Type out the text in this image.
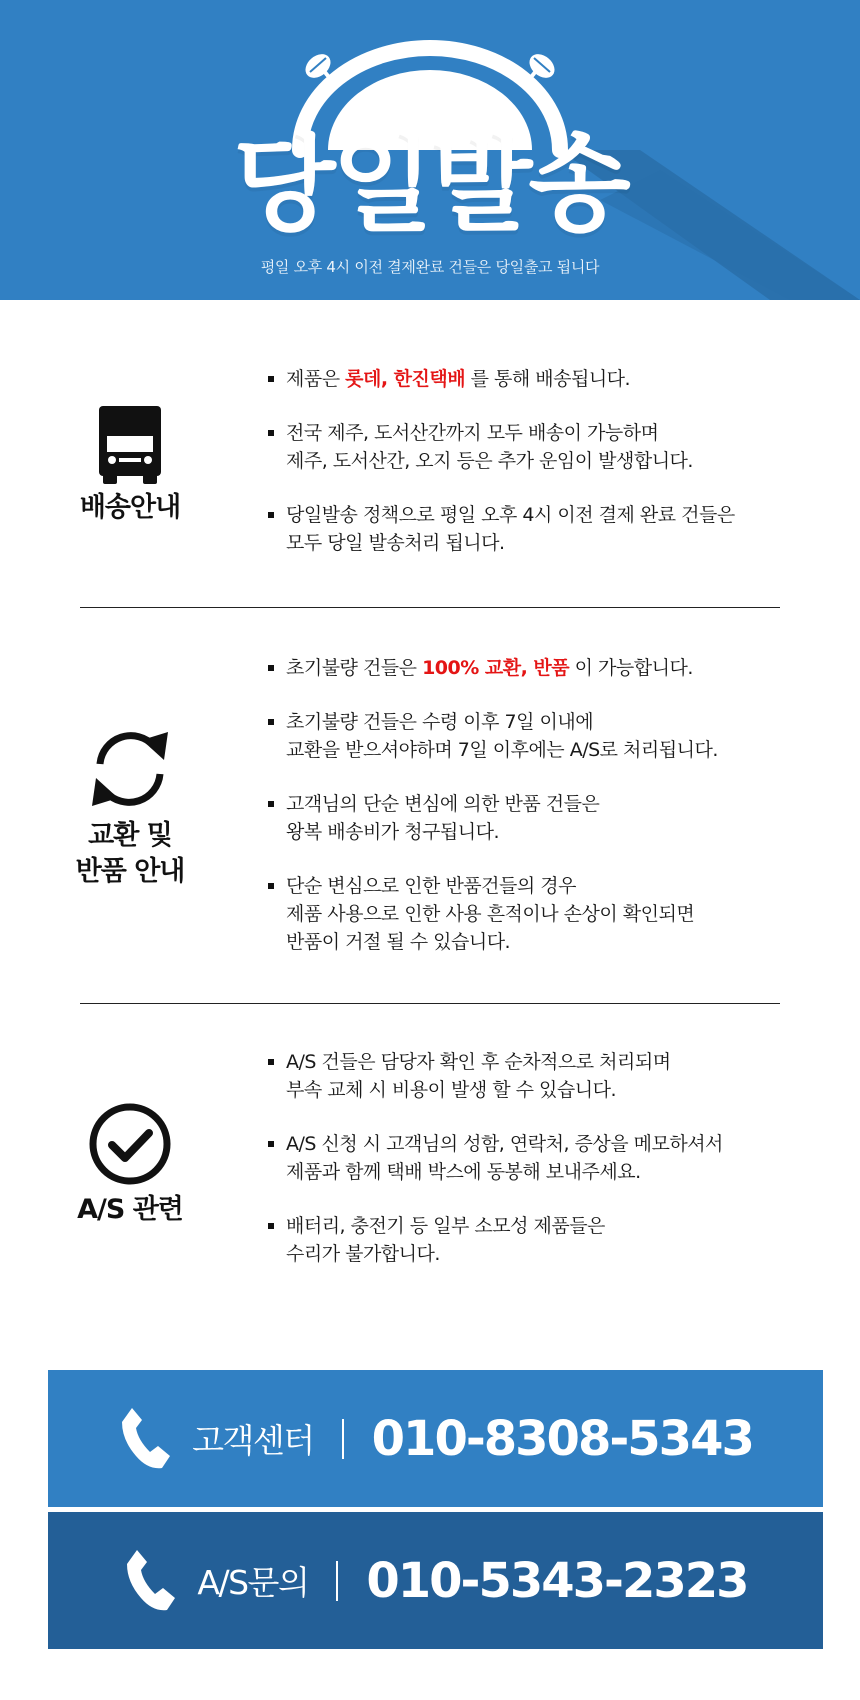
당일발송
평일 오후 4시 이전 결제완료 건들은 당일출고 됩니다
배송안내
제품은 롯데, 한진택배 를 통해 배송됩니다.
전국 제주, 도서산간까지 모두 배송이 가능하며
제주, 도서산간, 오지 등은 추가 운임이 발생합니다.
당일발송 정책으로 평일 오후 4시 이전 결제 완료 건들은
모두 당일 발송처리 됩니다.
교환 및
반품 안내
초기불량 건들은 100% 교환, 반품 이 가능합니다.
초기불량 건들은 수령 이후 7일 이내에
교환을 받으셔야하며 7일 이후에는 A/S로 처리됩니다.
고객님의 단순 변심에 의한 반품 건들은
왕복 배송비가 청구됩니다.
단순 변심으로 인한 반품건들의 경우
제품 사용으로 인한 사용 흔적이나 손상이 확인되면
반품이 거절 될 수 있습니다.
A/S 관련
A/S 건들은 담당자 확인 후 순차적으로 처리되며
부속 교체 시 비용이 발생 할 수 있습니다.
A/S 신청 시 고객님의 성함, 연락처, 증상을 메모하셔서
제품과 함께 택배 박스에 동봉해 보내주세요.
배터리, 충전기 등 일부 소모성 제품들은
수리가 불가합니다.
고객센터 010-8308-5343
A/S문의 010-5343-2323
